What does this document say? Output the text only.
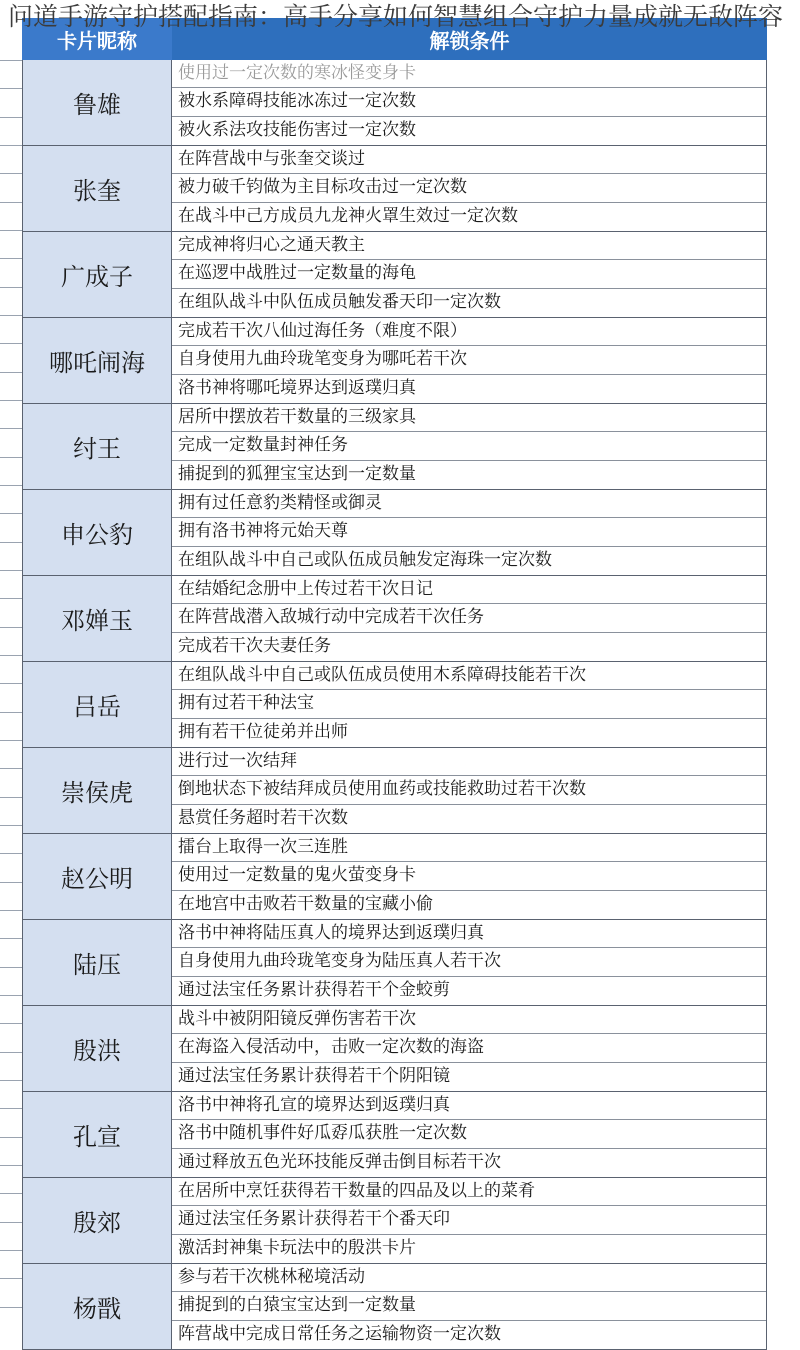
问道手游守护搭配指南：高手分享如何智慧组合守护力量成就无敌阵容
卡片昵称	解锁条件
鲁雄
使用过一定次数的寒冰怪变身卡
被水系障碍技能冰冻过一定次数
被火系法攻技能伤害过一定次数
张奎
在阵营战中与张奎交谈过
被力破千钧做为主目标攻击过一定次数
在战斗中己方成员九龙神火罩生效过一定次数
广成子
完成神将归心之通天教主
在巡逻中战胜过一定数量的海龟
在组队战斗中队伍成员触发番天印一定次数
哪吒闹海
完成若干次八仙过海任务（难度不限）
自身使用九曲玲珑笔变身为哪吒若干次
洛书神将哪吒境界达到返璞归真
纣王
居所中摆放若干数量的三级家具
完成一定数量封神任务
捕捉到的狐狸宝宝达到一定数量
申公豹
拥有过任意豹类精怪或御灵
拥有洛书神将元始天尊
在组队战斗中自己或队伍成员触发定海珠一定次数
邓婵玉
在结婚纪念册中上传过若干次日记
在阵营战潜入敌城行动中完成若干次任务
完成若干次夫妻任务
吕岳
在组队战斗中自己或队伍成员使用木系障碍技能若干次
拥有过若干种法宝
拥有若干位徒弟并出师
崇侯虎
进行过一次结拜
倒地状态下被结拜成员使用血药或技能救助过若干次数
悬赏任务超时若干次数
赵公明
擂台上取得一次三连胜
使用过一定数量的鬼火萤变身卡
在地宫中击败若干数量的宝藏小偷
陆压
洛书中神将陆压真人的境界达到返璞归真
自身使用九曲玲珑笔变身为陆压真人若干次
通过法宝任务累计获得若干个金蛟剪
殷洪
战斗中被阴阳镜反弹伤害若干次
在海盗入侵活动中，击败一定次数的海盗
通过法宝任务累计获得若干个阴阳镜
孔宣
洛书中神将孔宣的境界达到返璞归真
洛书中随机事件好瓜孬瓜获胜一定次数
通过释放五色光环技能反弹击倒目标若干次
殷郊
在居所中烹饪获得若干数量的四品及以上的菜肴
通过法宝任务累计获得若干个番天印
激活封神集卡玩法中的殷洪卡片
杨戬
参与若干次桃林秘境活动
捕捉到的白猿宝宝达到一定数量
阵营战中完成日常任务之运输物资一定次数
